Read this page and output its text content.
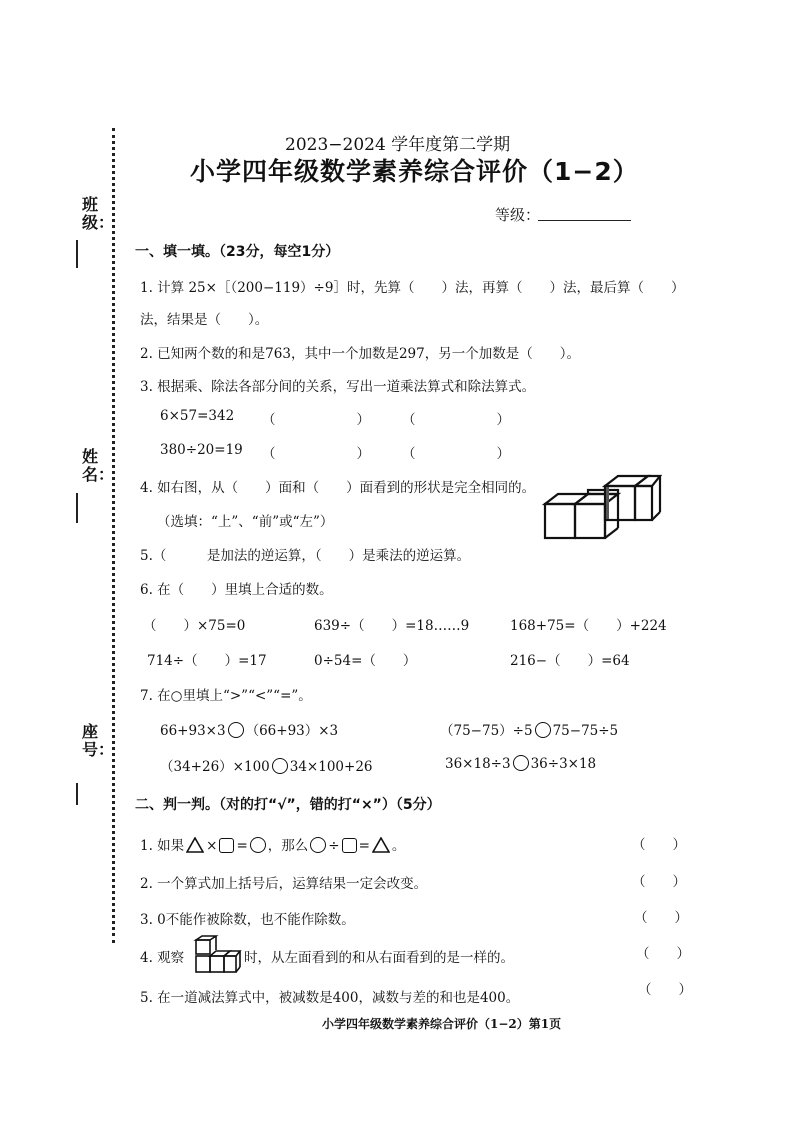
班级：
姓名：
座号：
2023−2024 学年度第二学期
小学四年级数学素养综合评价（1−2）
等级：
一、填一填。（23分，每空1分）
1. 计算 25×［（200−119）÷9］时，先算（　　）法，再算（　　）法，最后算（　　）
法，结果是（　　）。
2. 已知两个数的和是763，其中一个加数是297，另一个加数是（　　）。
3. 根据乘、除法各部分间的关系，写出一道乘法算式和除法算式。
6×57=342 （　　　　　　） （　　　　　　）
380÷20=19 （　　　　　　） （　　　　　　）
4. 如右图，从（　　）面和（　　）面看到的形状是完全相同的。
（选填：“上”、“前”或“左”）
5.（　　　是加法的逆运算，（　　）是乘法的逆运算。
6. 在（　　）里填上合适的数。
（　　）×75=0	639÷（　　）=18……9	168+75=（　　）+224
714÷（　　）=17	0÷54=（　　）	216−（　　）=64
7. 在○里填上“>”“<”“=”。
66+93×3 （66+93）×3	（75−75）÷5 75−75÷5
（34+26）×100 34×100+26	36×18÷3 36÷3×18
二、判一判。（对的打“√”，错的打“×”）（5分）
1. 如果 × = ，那么 ÷ = 。	（　　）
2. 一个算式加上括号后，运算结果一定会改变。	（　　）
3. 0不能作被除数，也不能作除数。	（　　）
4. 观察	时，从左面看到的和从右面看到的是一样的。	（　　）
5. 在一道减法算式中，被减数是400，减数与差的和也是400。	（　　）
小学四年级数学素养综合评价（1−2）第1页
